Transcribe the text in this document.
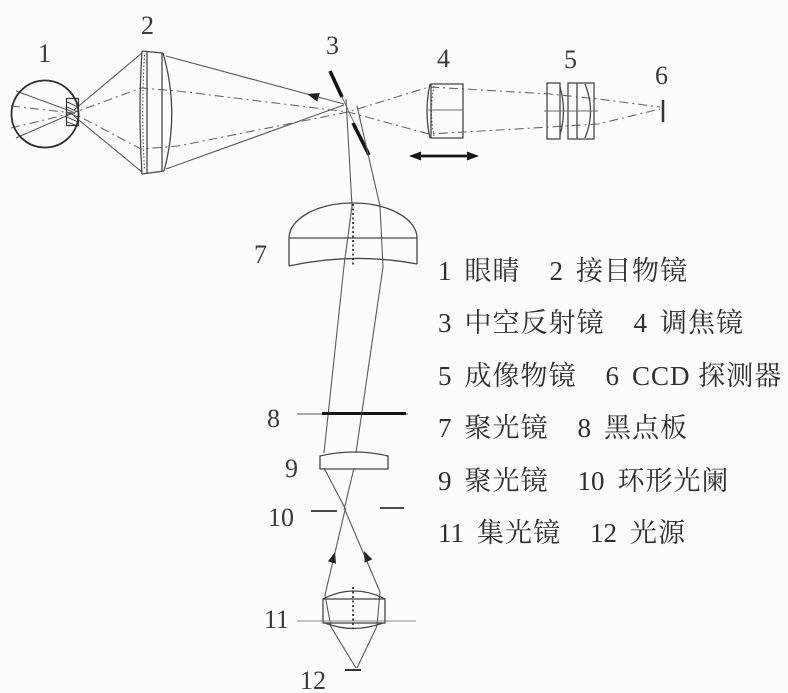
1
2
3	4	5
6
7
8
9
10
11
12
1 眼睛 2 接目物镜
3 中空反射镜 4 调焦镜
5 成像物镜 6 CCD 探测器
7 聚光镜 8 黑点板
9 聚光镜 10 环形光阑
11 集光镜 12 光源
